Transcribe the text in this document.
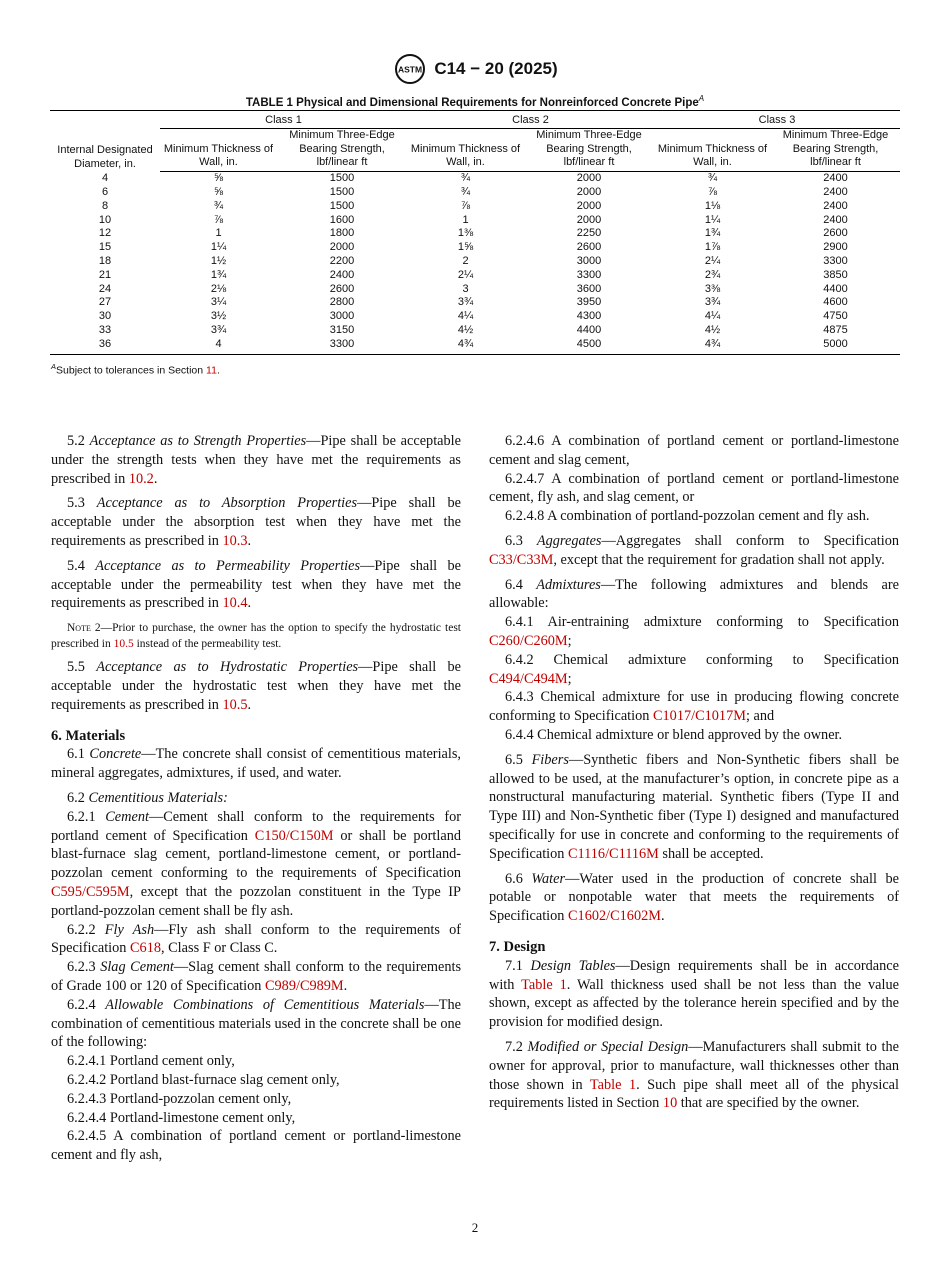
ASTM C14 − 20 (2025)
TABLE 1 Physical and Dimensional Requirements for Nonreinforced Concrete Pipe$^A$
Internal Designated Diameter, in.	Class 1		Class 2		Class 3	
	Minimum Thickness of Wall, in.	Minimum Three-Edge Bearing Strength, lbf/linear ft	Minimum Thickness of Wall, in.	Minimum Three-Edge Bearing Strength, lbf/linear ft	Minimum Thickness of Wall, in.	Minimum Three-Edge Bearing Strength, lbf/linear ft
4	⅝	1500	¾	2000	¾	2400
6	⅝	1500	¾	2000	⅞	2400
8	¾	1500	⅞	2000	1⅛	2400
10	⅞	1600	1	2000	1¼	2400
12	1	1800	1⅜	2250	1¾	2600
15	1¼	2000	1⅝	2600	1⅞	2900
18	1½	2200	2	3000	2¼	3300
21	1¾	2400	2¼	3300	2¾	3850
24	2⅛	2600	3	3600	3⅜	4400
27	3¼	2800	3¾	3950	3¾	4600
30	3½	3000	4¼	4300	4¼	4750
33	3¾	3150	4½	4400	4½	4875
36	4	3300	4¾	4500	4¾	5000
$^A$Subject to tolerances in Section 11.

5.2 Acceptance as to Strength Properties—Pipe shall be acceptable under the strength tests when they have met the requirements as prescribed in 10.2.

5.3 Acceptance as to Absorption Properties—Pipe shall be acceptable under the absorption test when they have met the requirements as prescribed in 10.3.

5.4 Acceptance as to Permeability Properties—Pipe shall be acceptable under the permeability test when they have met the requirements as prescribed in 10.4.

Note 2—Prior to purchase, the owner has the option to specify the hydrostatic test prescribed in 10.5 instead of the permeability test.

5.5 Acceptance as to Hydrostatic Properties—Pipe shall be acceptable under the hydrostatic test when they have met the requirements as prescribed in 10.5.

6. Materials

6.1 Concrete—The concrete shall consist of cementitious materials, mineral aggregates, admixtures, if used, and water.

6.2 Cementitious Materials:

6.2.1 Cement—Cement shall conform to the requirements for portland cement of Specification C150/C150M or shall be portland blast-furnace slag cement, portland-limestone cement, or portland-pozzolan cement conforming to the requirements of Specification C595/C595M, except that the pozzolan constituent in the Type IP portland-pozzolan cement shall be fly ash.

6.2.2 Fly Ash—Fly ash shall conform to the requirements of Specification C618, Class F or Class C.

6.2.3 Slag Cement—Slag cement shall conform to the requirements of Grade 100 or 120 of Specification C989/C989M.

6.2.4 Allowable Combinations of Cementitious Materials—The combination of cementitious materials used in the concrete shall be one of the following:

6.2.4.1 Portland cement only,

6.2.4.2 Portland blast-furnace slag cement only,

6.2.4.3 Portland-pozzolan cement only,

6.2.4.4 Portland-limestone cement only,

6.2.4.5 A combination of portland cement or portland-limestone cement and fly ash,

6.2.4.6 A combination of portland cement or portland-limestone cement and slag cement,

6.2.4.7 A combination of portland cement or portland-limestone cement, fly ash, and slag cement, or

6.2.4.8 A combination of portland-pozzolan cement and fly ash.

6.3 Aggregates—Aggregates shall conform to Specification C33/C33M, except that the requirement for gradation shall not apply.

6.4 Admixtures—The following admixtures and blends are allowable:

6.4.1 Air-entraining admixture conforming to Specification C260/C260M;

6.4.2 Chemical admixture conforming to Specification C494/C494M;

6.4.3 Chemical admixture for use in producing flowing concrete conforming to Specification C1017/C1017M; and

6.4.4 Chemical admixture or blend approved by the owner.

6.5 Fibers—Synthetic fibers and Non-Synthetic fibers shall be allowed to be used, at the manufacturer’s option, in concrete pipe as a nonstructural manufacturing material. Synthetic fibers (Type II and Type III) and Non-Synthetic fiber (Type I) designed and manufactured specifically for use in concrete and conforming to the requirements of Specification C1116/C1116M shall be accepted.

6.6 Water—Water used in the production of concrete shall be potable or nonpotable water that meets the requirements of Specification C1602/C1602M.

7. Design

7.1 Design Tables—Design requirements shall be in accordance with Table 1. Wall thickness used shall be not less than the value shown, except as affected by the tolerance herein specified and by the provision for modified design.

7.2 Modified or Special Design—Manufacturers shall submit to the owner for approval, prior to manufacture, wall thicknesses other than those shown in Table 1. Such pipe shall meet all of the physical requirements listed in Section 10 that are specified by the owner.

2
